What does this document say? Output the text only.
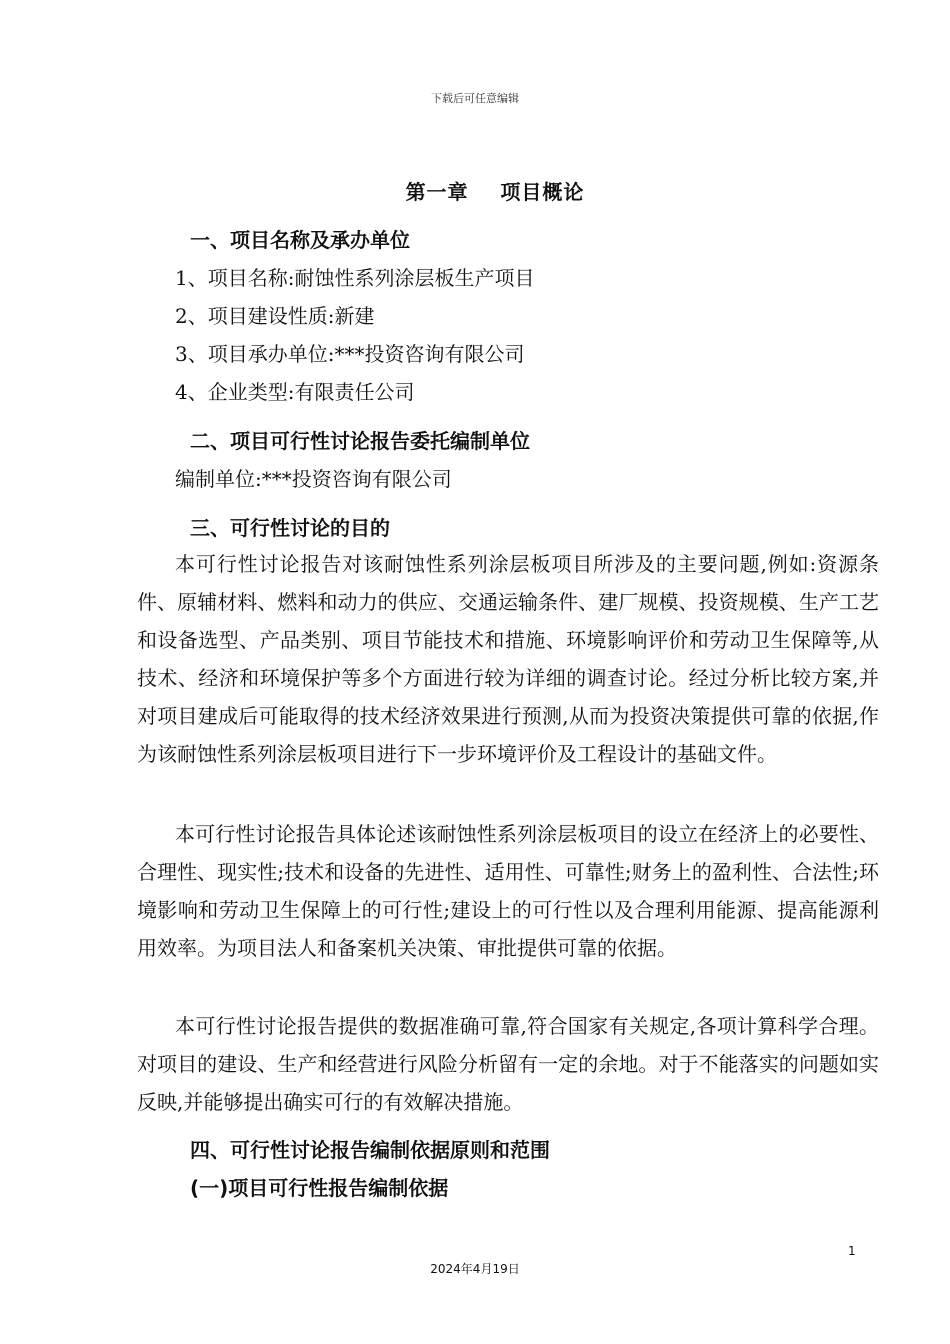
下载后可任意编辑
第一章    项目概论
一、项目名称及承办单位
1、项目名称:耐蚀性系列涂层板生产项目
2、项目建设性质:新建
3、项目承办单位:***投资咨询有限公司
4、企业类型:有限责任公司
二、项目可行性讨论报告委托编制单位
编制单位:***投资咨询有限公司
三、可行性讨论的目的

本可行性讨论报告对该耐蚀性系列涂层板项目所涉及的主要问题,例如:资源条件、原辅材料、燃料和动力的供应、交通运输条件、建厂规模、投资规模、生产工艺和设备选型、产品类别、项目节能技术和措施、环境影响评价和劳动卫生保障等,从技术、经济和环境保护等多个方面进行较为详细的调查讨论。经过分析比较方案,并对项目建成后可能取得的技术经济效果进行预测,从而为投资决策提供可靠的依据,作为该耐蚀性系列涂层板项目进行下一步环境评价及工程设计的基础文件。

本可行性讨论报告具体论述该耐蚀性系列涂层板项目的设立在经济上的必要性、合理性、现实性;技术和设备的先进性、适用性、可靠性;财务上的盈利性、合法性;环境影响和劳动卫生保障上的可行性;建设上的可行性以及合理利用能源、提高能源利用效率。为项目法人和备案机关决策、审批提供可靠的依据。

本可行性讨论报告提供的数据准确可靠,符合国家有关规定,各项计算科学合理。对项目的建设、生产和经营进行风险分析留有一定的余地。对于不能落实的问题如实反映,并能够提出确实可行的有效解决措施。

四、可行性讨论报告编制依据原则和范围
(一)项目可行性报告编制依据
1
2024年4月19日
